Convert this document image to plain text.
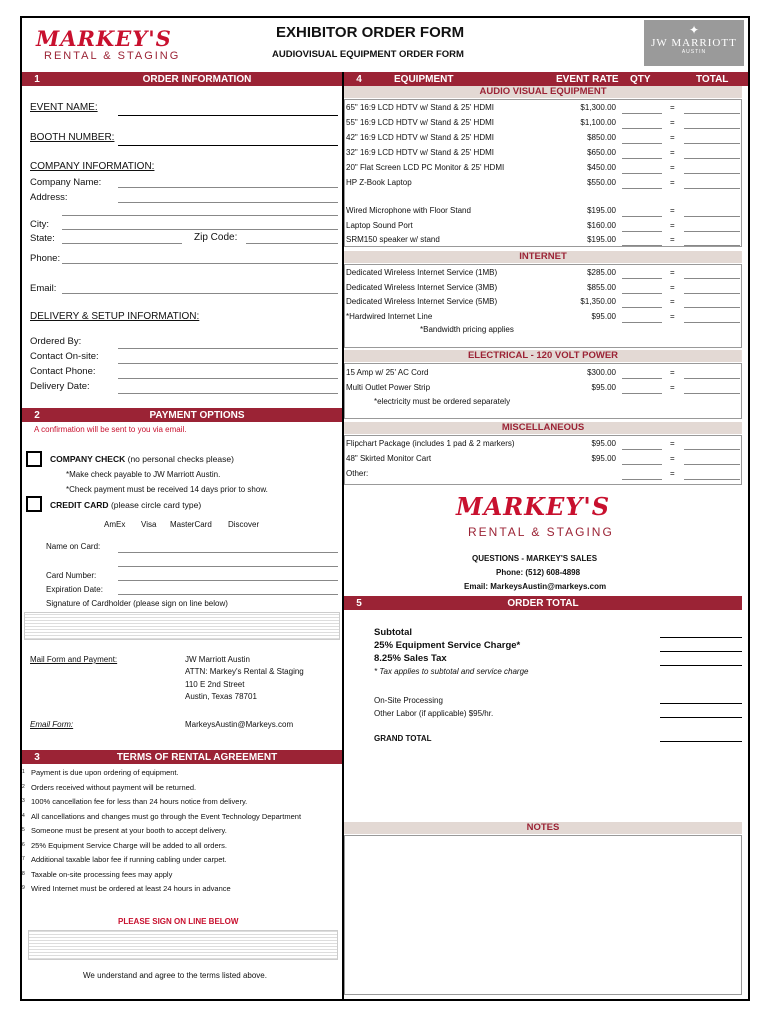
MARKEY'S
RENTAL & STAGING
EXHIBITOR ORDER FORM
AUDIOVISUAL EQUIPMENT ORDER FORM
✦
JW MARRIOTT
AUSTIN
1	ORDER INFORMATION
EVENT NAME:
BOOTH NUMBER:
COMPANY INFORMATION:
Company Name:
Address:
City:
State:	Zip Code:
Phone:
Email:
DELIVERY & SETUP INFORMATION:
Ordered By:
Contact On-site:
Contact Phone:
Delivery Date:
2	PAYMENT OPTIONS
A confirmation will be sent to you via email.
COMPANY CHECK (no personal checks please)
*Make check payable to JW Marriott Austin.
*Check payment must be received 14 days prior to show.
CREDIT CARD (please circle card type)
AmEx Visa MasterCard Discover
Name on Card:
Card Number:
Expiration Date:
Signature of Cardholder (please sign on line below)
Mail Form and Payment:	JW Marriott Austin
ATTN: Markey's Rental & Staging
110 E 2nd Street
Austin, Texas 78701
Email Form:	MarkeysAustin@Markeys.com
3	TERMS OF RENTAL AGREEMENT
1 Payment is due upon ordering of equipment.
2 Orders received without payment will be returned.
3 100% cancellation fee for less than 24 hours notice from delivery.
4 All cancellations and changes must go through the Event Technology Department
5 Someone must be present at your booth to accept delivery.
6 25% Equipment Service Charge will be added to all orders.
7 Additional taxable labor fee if running cabling under carpet.
8 Taxable on-site processing fees may apply
9 Wired Internet must be ordered at least 24 hours in advance
PLEASE SIGN ON LINE BELOW
We understand and agree to the terms listed above.
4	EQUIPMENT	EVENT RATE QTY	TOTAL
AUDIO VISUAL EQUIPMENT
65" 16:9 LCD HDTV w/ Stand & 25' HDMI	$1,300.00	=
55" 16:9 LCD HDTV w/ Stand & 25' HDMI	$1,100.00	=
42" 16:9 LCD HDTV w/ Stand & 25' HDMI	$850.00	=
32" 16:9 LCD HDTV w/ Stand & 25' HDMI	$650.00	=
20" Flat Screen LCD PC Monitor & 25' HDMI	$450.00	=
HP Z-Book Laptop	$550.00	=
Wired Microphone with Floor Stand	$195.00	=
Laptop Sound Port	$160.00	=
SRM150 speaker w/ stand	$195.00	=
INTERNET
Dedicated Wireless Internet Service (1MB)	$285.00	=
Dedicated Wireless Internet Service (3MB)	$855.00	=
Dedicated Wireless Internet Service (5MB)	$1,350.00	=
*Hardwired Internet Line	$95.00	=
*Bandwidth pricing applies
ELECTRICAL - 120 VOLT POWER
15 Amp w/ 25' AC Cord	$300.00	=
Multi Outlet Power Strip	$95.00	=
*electricity must be ordered separately
MISCELLANEOUS
Flipchart Package (includes 1 pad & 2 markers)	$95.00	=
48" Skirted Monitor Cart	$95.00	=
Other:	=
MARKEY'S
RENTAL & STAGING
QUESTIONS - MARKEY'S SALES
Phone: (512) 608-4898
Email: MarkeysAustin@markeys.com
5	ORDER TOTAL
Subtotal
25% Equipment Service Charge*
8.25% Sales Tax
* Tax applies to subtotal and service charge
On-Site Processing
Other Labor (if applicable) $95/hr.
GRAND TOTAL
NOTES
